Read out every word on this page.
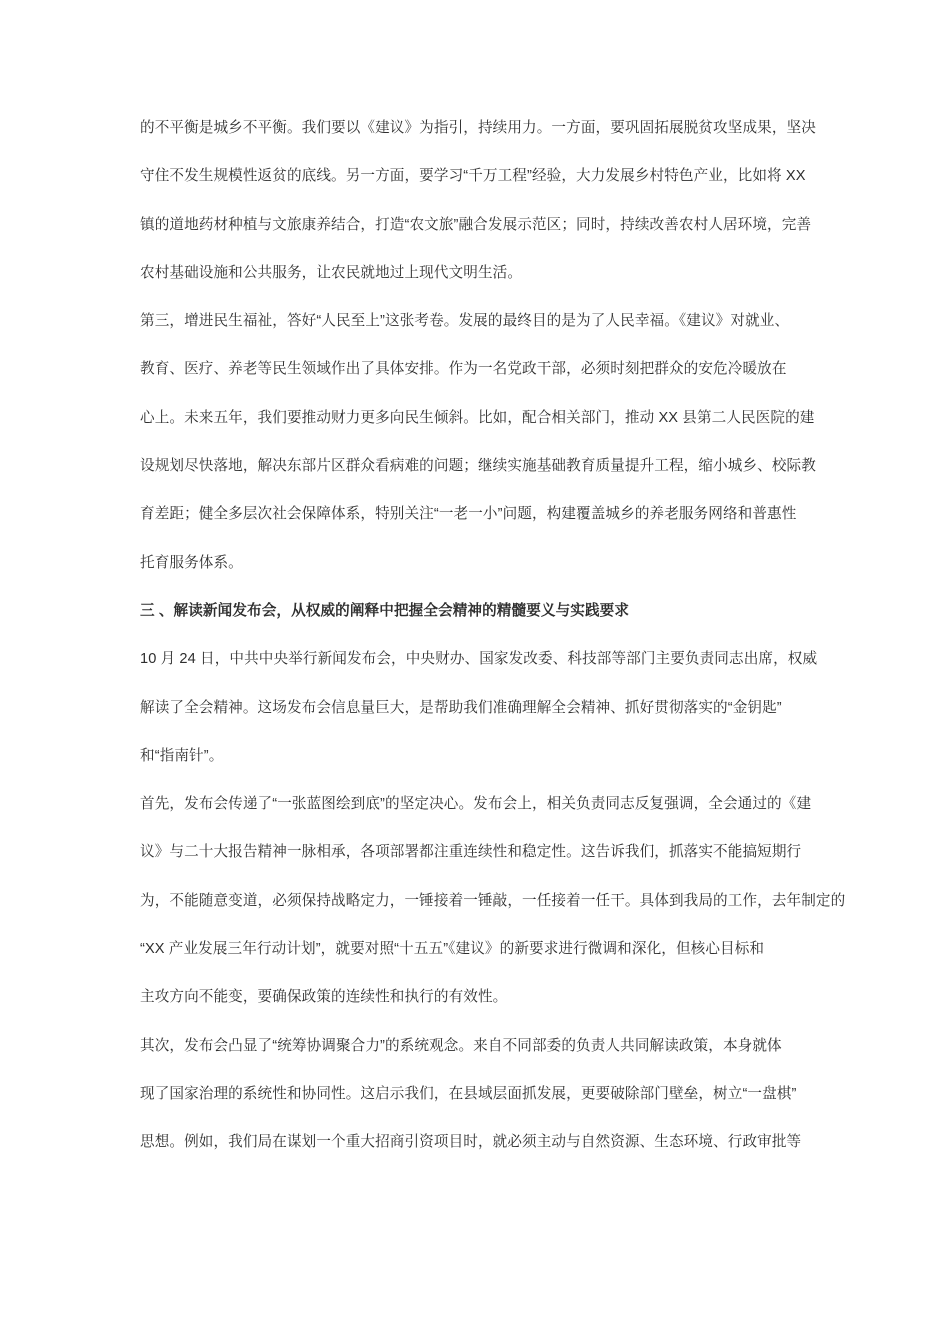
的不平衡是城乡不平衡。我们要以《建议》为指引，持续用力。一方面，要巩固拓展脱贫攻坚成果，坚决
守住不发生规模性返贫的底线。另一方面，要学习“千万工程”经验，大力发展乡村特色产业，比如将 XX
镇的道地药材种植与文旅康养结合，打造“农文旅”融合发展示范区；同时，持续改善农村人居环境，完善
农村基础设施和公共服务，让农民就地过上现代文明生活。
第三，增进民生福祉，答好“人民至上”这张考卷。发展的最终目的是为了人民幸福。《建议》对就业、
教育、医疗、养老等民生领域作出了具体安排。作为一名党政干部，必须时刻把群众的安危冷暖放在
心上。未来五年，我们要推动财力更多向民生倾斜。比如，配合相关部门，推动 XX 县第二人民医院的建
设规划尽快落地，解决东部片区群众看病难的问题；继续实施基础教育质量提升工程，缩小城乡、校际教
育差距；健全多层次社会保障体系，特别关注“一老一小”问题，构建覆盖城乡的养老服务网络和普惠性
托育服务体系。
三 、解读新闻发布会，从权威的阐释中把握全会精神的精髓要义与实践要求
10 月 24 日，中共中央举行新闻发布会，中央财办、国家发改委、科技部等部门主要负责同志出席，权威
解读了全会精神。这场发布会信息量巨大，是帮助我们准确理解全会精神、抓好贯彻落实的“金钥匙”
和“指南针”。
首先，发布会传递了“一张蓝图绘到底”的坚定决心。发布会上，相关负责同志反复强调，全会通过的《建
议》与二十大报告精神一脉相承，各项部署都注重连续性和稳定性。这告诉我们，抓落实不能搞短期行
为，不能随意变道，必须保持战略定力，一锤接着一锤敲，一任接着一任干。具体到我局的工作，去年制定的
“XX 产业发展三年行动计划”，就要对照“十五五”《建议》的新要求进行微调和深化，但核心目标和
主攻方向不能变，要确保政策的连续性和执行的有效性。
其次，发布会凸显了“统筹协调聚合力”的系统观念。来自不同部委的负责人共同解读政策，本身就体
现了国家治理的系统性和协同性。这启示我们，在县域层面抓发展，更要破除部门壁垒，树立“一盘棋”
思想。例如，我们局在谋划一个重大招商引资项目时，就必须主动与自然资源、生态环境、行政审批等
